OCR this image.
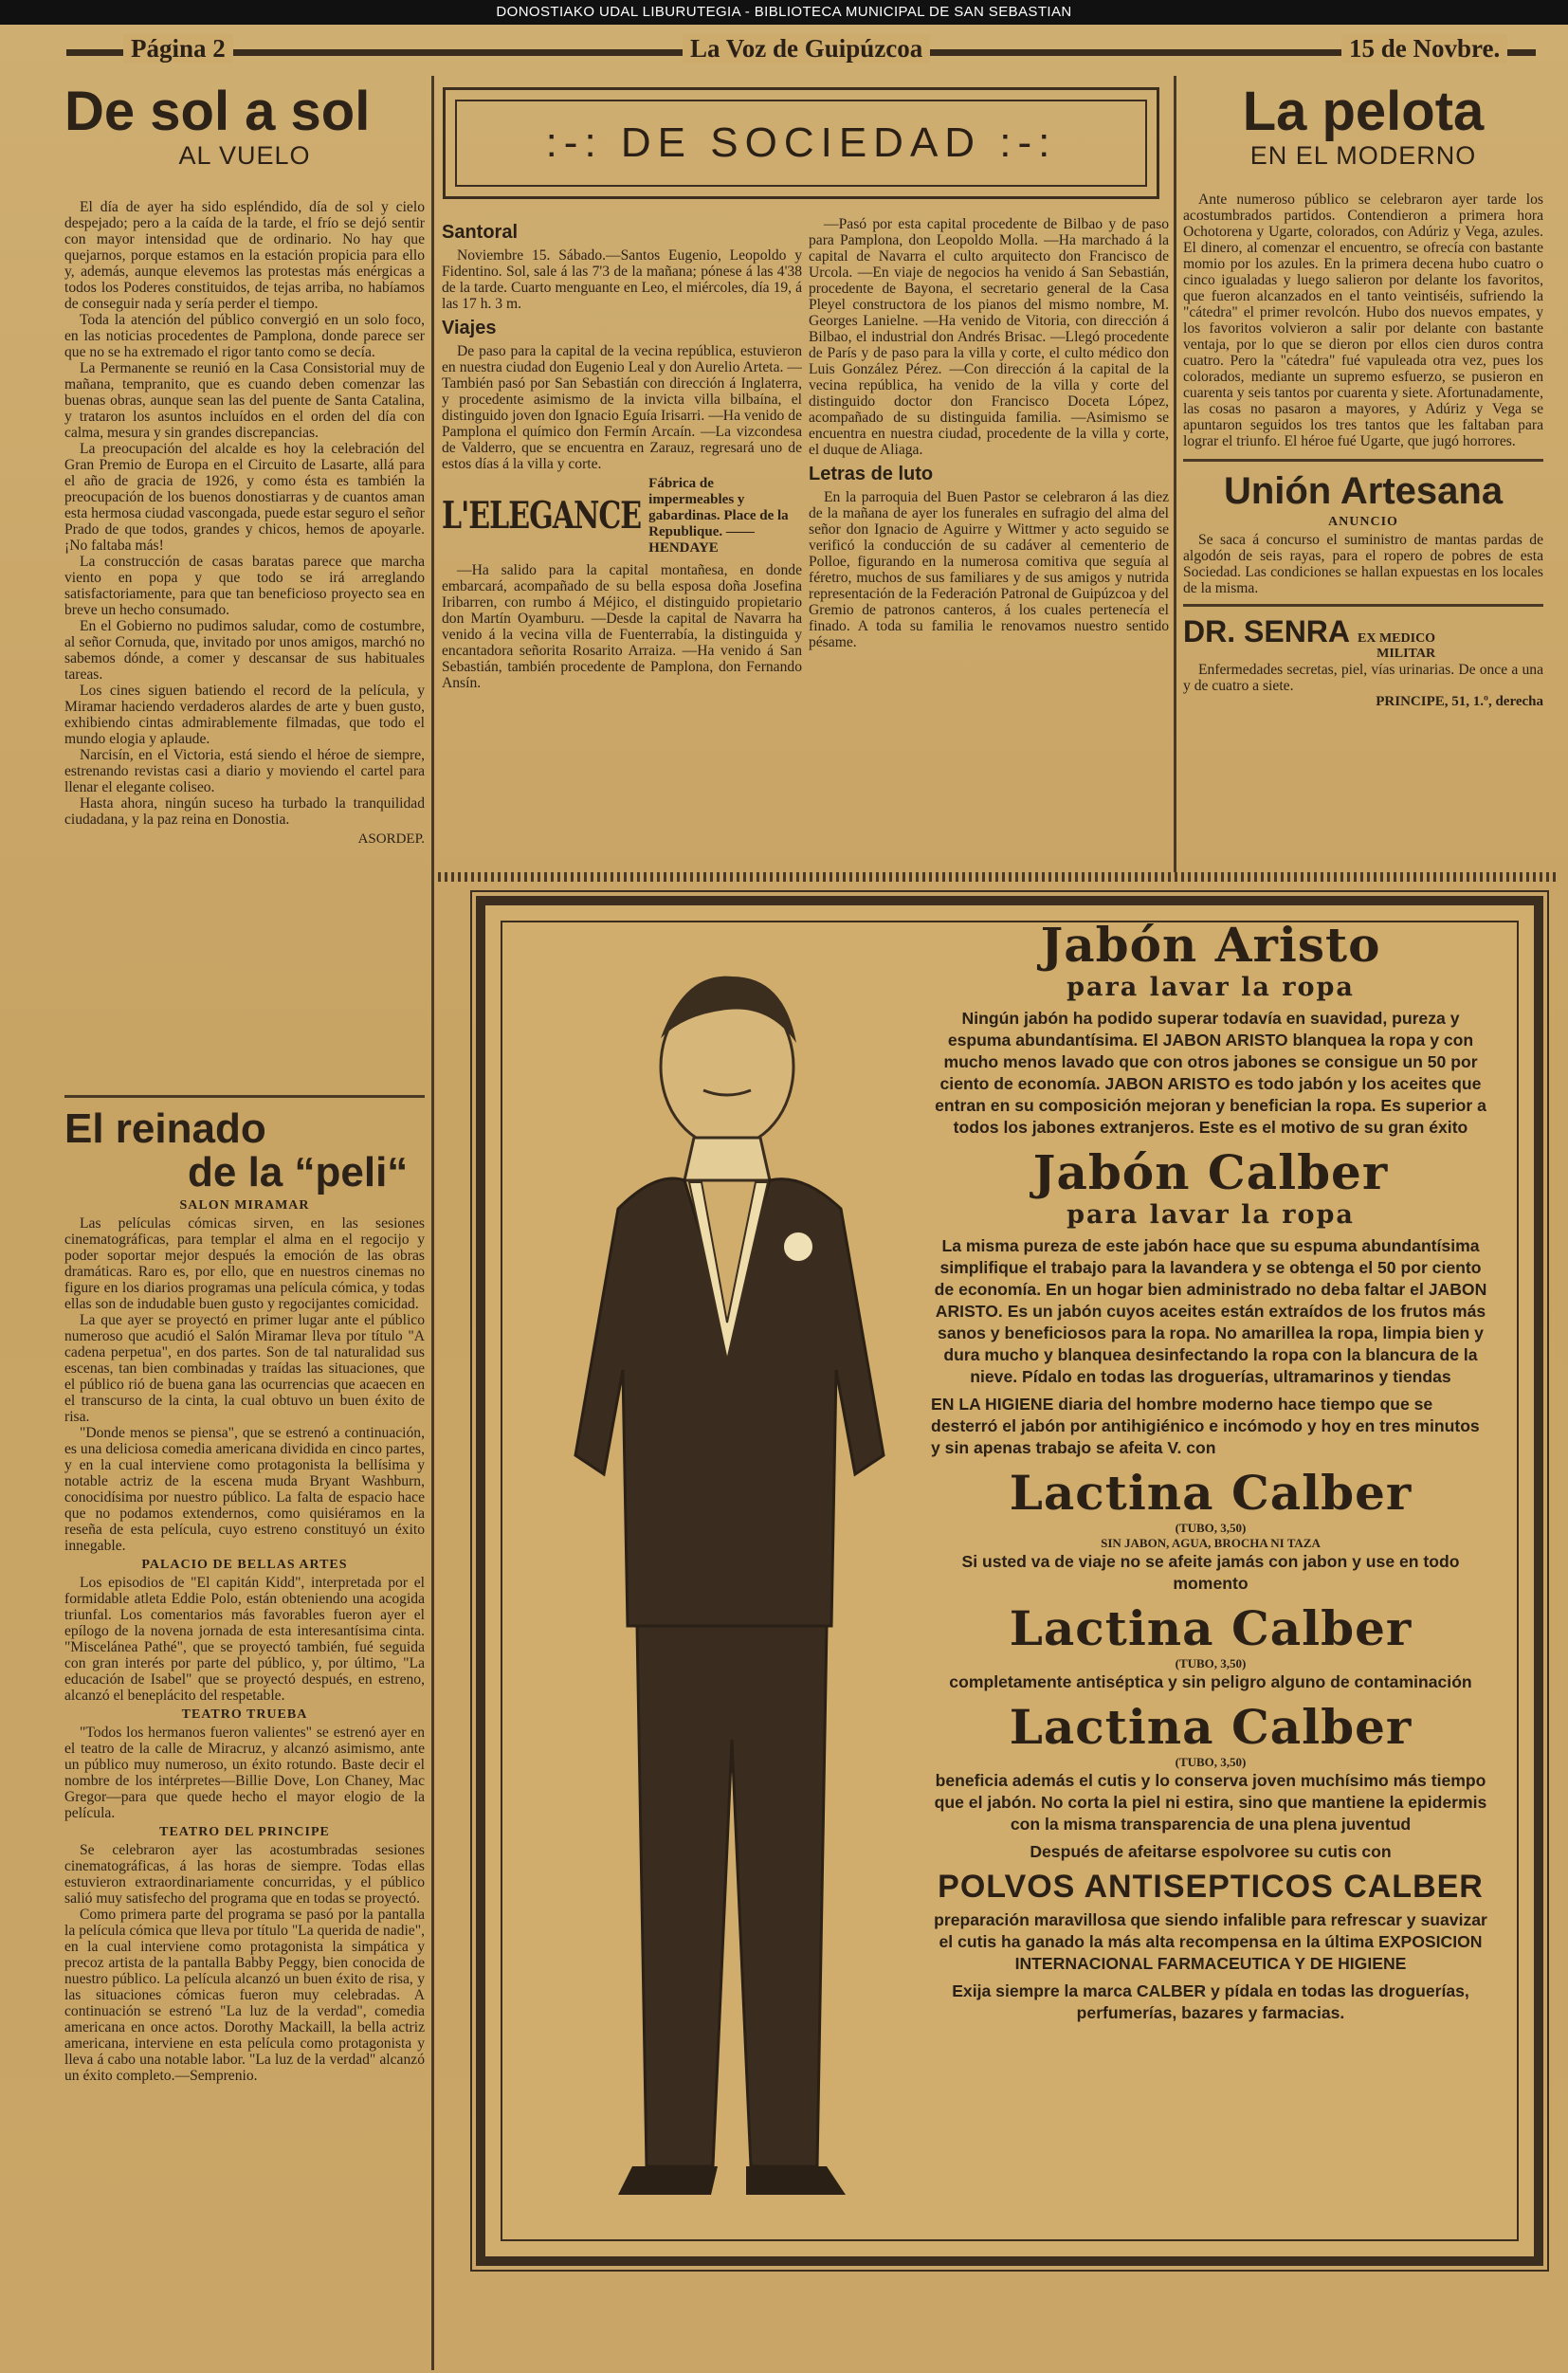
DONOSTIAKO UDAL LIBURUTEGIA - BIBLIOTECA MUNICIPAL DE SAN SEBASTIAN
Página 2	La Voz de Guipúzcoa	15 de Novbre.
De sol a sol

AL VUELO

El día de ayer ha sido espléndido, día de sol y cielo despejado; pero a la caída de la tarde, el frío se dejó sentir con mayor intensidad que de ordinario. No hay que quejarnos, porque estamos en la estación propicia para ello y, además, aunque elevemos las protestas más enérgicas a todos los Poderes constituidos, de tejas arriba, no habíamos de conseguir nada y sería perder el tiempo.

Toda la atención del público convergió en un solo foco, en las noticias procedentes de Pamplona, donde parece ser que no se ha extremado el rigor tanto como se decía.

La Permanente se reunió en la Casa Consistorial muy de mañana, tempranito, que es cuando deben comenzar las buenas obras, aunque sean las del puente de Santa Catalina, y trataron los asuntos incluídos en el orden del día con calma, mesura y sin grandes discrepancias.

La preocupación del alcalde es hoy la celebración del Gran Premio de Europa en el Circuito de Lasarte, allá para el año de gracia de 1926, y como ésta es también la preocupación de los buenos donostiarras y de cuantos aman esta hermosa ciudad vascongada, puede estar seguro el señor Prado de que todos, grandes y chicos, hemos de apoyarle. ¡No faltaba más!

La construcción de casas baratas parece que marcha viento en popa y que todo se irá arreglando satisfactoriamente, para que tan beneficioso proyecto sea en breve un hecho consumado.

En el Gobierno no pudimos saludar, como de costumbre, al señor Cornuda, que, invitado por unos amigos, marchó no sabemos dónde, a comer y descansar de sus habituales tareas.

Los cines siguen batiendo el record de la película, y Miramar haciendo verdaderos alardes de arte y buen gusto, exhibiendo cintas admirablemente filmadas, que todo el mundo elogia y aplaude.

Narcisín, en el Victoria, está siendo el héroe de siempre, estrenando revistas casi a diario y moviendo el cartel para llenar el elegante coliseo.

Hasta ahora, ningún suceso ha turbado la tranquilidad ciudadana, y la paz reina en Donostia.

ASORDEP.
El reinado
de la “peli“
SALON MIRAMAR

Las películas cómicas sirven, en las sesiones cinematográficas, para templar el alma en el regocijo y poder soportar mejor después la emoción de las obras dramáticas. Raro es, por ello, que en nuestros cinemas no figure en los diarios programas una película cómica, y todas ellas son de indudable buen gusto y regocijantes comicidad.

La que ayer se proyectó en primer lugar ante el público numeroso que acudió el Salón Miramar lleva por título "A cadena perpetua", en dos partes. Son de tal naturalidad sus escenas, tan bien combinadas y traídas las situaciones, que el público rió de buena gana las ocurrencias que acaecen en el transcurso de la cinta, la cual obtuvo un buen éxito de risa.

"Donde menos se piensa", que se estrenó a continuación, es una deliciosa comedia americana dividida en cinco partes, y en la cual interviene como protagonista la bellísima y notable actriz de la escena muda Bryant Washburn, conocidísima por nuestro público. La falta de espacio hace que no podamos extendernos, como quisiéramos en la reseña de esta película, cuyo estreno constituyó un éxito innegable.

PALACIO DE BELLAS ARTES

Los episodios de "El capitán Kidd", interpretada por el formidable atleta Eddie Polo, están obteniendo una acogida triunfal. Los comentarios más favorables fueron ayer el epílogo de la novena jornada de esta interesantísima cinta. "Miscelánea Pathé", que se proyectó también, fué seguida con gran interés por parte del público, y, por último, "La educación de Isabel" que se proyectó después, en estreno, alcanzó el beneplácito del respetable.

TEATRO TRUEBA

"Todos los hermanos fueron valientes" se estrenó ayer en el teatro de la calle de Miracruz, y alcanzó asimismo, ante un público muy numeroso, un éxito rotundo. Baste decir el nombre de los intérpretes—Billie Dove, Lon Chaney, Mac Gregor—para que quede hecho el mayor elogio de la película.

TEATRO DEL PRINCIPE

Se celebraron ayer las acostumbradas sesiones cinematográficas, á las horas de siempre. Todas ellas estuvieron extraordinariamente concurridas, y el público salió muy satisfecho del programa que en todas se proyectó.

Como primera parte del programa se pasó por la pantalla la película cómica que lleva por título "La querida de nadie", en la cual interviene como protagonista la simpática y precoz artista de la pantalla Babby Peggy, bien conocida de nuestro público. La película alcanzó un buen éxito de risa, y las situaciones cómicas fueron muy celebradas. A continuación se estrenó "La luz de la verdad", comedia americana en once actos. Dorothy Mackaill, la bella actriz americana, interviene en esta película como protagonista y lleva á cabo una notable labor. "La luz de la verdad" alcanzó un éxito completo.—Semprenio.

:-: DE SOCIEDAD :-:
Santoral

Noviembre 15. Sábado.—Santos Eugenio, Leopoldo y Fidentino. Sol, sale á las 7'3 de la mañana; pónese á las 4'38 de la tarde. Cuarto menguante en Leo, el miércoles, día 19, á las 17 h. 3 m.

Viajes

De paso para la capital de la vecina república, estuvieron en nuestra ciudad don Eugenio Leal y don Aurelio Arteta. —También pasó por San Sebastián con dirección á Inglaterra, y procedente asimismo de la invicta villa bilbaína, el distinguido joven don Ignacio Eguía Irisarri. —Ha venido de Pamplona el químico don Fermín Arcaín. —La vizcondesa de Valderro, que se encuentra en Zarauz, regresará uno de estos días á la villa y corte.

L'ELEGANCE
Fábrica de impermeables y gabardinas. Place de la Republique. —— HENDAYE

—Ha salido para la capital montañesa, en donde embarcará, acompañado de su bella esposa doña Josefina Iribarren, con rumbo á Méjico, el distinguido propietario don Martín Oyamburu. —Desde la capital de Navarra ha venido á la vecina villa de Fuenterrabía, la distinguida y encantadora señorita Rosarito Arraiza. —Ha venido á San Sebastián, también procedente de Pamplona, don Fernando Ansín.

—Pasó por esta capital procedente de Bilbao y de paso para Pamplona, don Leopoldo Molla. —Ha marchado á la capital de Navarra el culto arquitecto don Francisco de Urcola. —En viaje de negocios ha venido á San Sebastián, procedente de Bayona, el secretario general de la Casa Pleyel constructora de los pianos del mismo nombre, M. Georges Lanielne. —Ha venido de Vitoria, con dirección á Bilbao, el industrial don Andrés Brisac. —Llegó procedente de París y de paso para la villa y corte, el culto médico don Luis González Pérez. —Con dirección á la capital de la vecina república, ha venido de la villa y corte del distinguido doctor don Francisco Doceta López, acompañado de su distinguida familia. —Asimismo se encuentra en nuestra ciudad, procedente de la villa y corte, el duque de Aliaga.

Letras de luto

En la parroquia del Buen Pastor se celebraron á las diez de la mañana de ayer los funerales en sufragio del alma del señor don Ignacio de Aguirre y Wittmer y acto seguido se verificó la conducción de su cadáver al cementerio de Polloe, figurando en la numerosa comitiva que seguía al féretro, muchos de sus familiares y de sus amigos y nutrida representación de la Federación Patronal de Guipúzcoa y del Gremio de patronos canteros, á los cuales pertenecía el finado. A toda su familia le renovamos nuestro sentido pésame.

La pelota

EN EL MODERNO

Ante numeroso público se celebraron ayer tarde los acostumbrados partidos. Contendieron a primera hora Ochotorena y Ugarte, colorados, con Adúriz y Vega, azules. El dinero, al comenzar el encuentro, se ofrecía con bastante momio por los azules. En la primera decena hubo cuatro o cinco igualadas y luego salieron por delante los favoritos, que fueron alcanzados en el tanto veintiséis, sufriendo la "cátedra" el primer revolcón. Hubo dos nuevos empates, y los favoritos volvieron a salir por delante con bastante ventaja, por lo que se dieron por ellos cien duros contra cuatro. Pero la "cátedra" fué vapuleada otra vez, pues los colorados, mediante un supremo esfuerzo, se pusieron en cuarenta y seis tantos por cuarenta y siete. Afortunadamente, las cosas no pasaron a mayores, y Adúriz y Vega se apuntaron seguidos los tres tantos que les faltaban para lograr el triunfo. El héroe fué Ugarte, que jugó horrores.

Unión Artesana
ANUNCIO

Se saca á concurso el suministro de mantas pardas de algodón de seis rayas, para el ropero de pobres de esta Sociedad. Las condiciones se hallan expuestas en los locales de la misma.

DR. SENRA EX MEDICO
MILITAR

Enfermedades secretas, piel, vías urinarias. De once a una y de cuatro a siete.

PRINCIPE, 51, 1.º, derecha
Jabón Aristo
para lavar la ropa

Ningún jabón ha podido superar todavía en suavidad, pureza y espuma abundantísima. El JABON ARISTO blanquea la ropa y con mucho menos lavado que con otros jabones se consigue un 50 por ciento de economía. JABON ARISTO es todo jabón y los aceites que entran en su composición mejoran y benefician la ropa. Es superior a todos los jabones extranjeros. Este es el motivo de su gran éxito

Jabón Calber
para lavar la ropa

La misma pureza de este jabón hace que su espuma abundantísima simplifique el trabajo para la lavandera y se obtenga el 50 por ciento de economía. En un hogar bien administrado no deba faltar el JABON ARISTO. Es un jabón cuyos aceites están extraídos de los frutos más sanos y beneficiosos para la ropa. No amarillea la ropa, limpia bien y dura mucho y blanquea desinfectando la ropa con la blancura de la nieve. Pídalo en todas las droguerías, ultramarinos y tiendas

EN LA HIGIENE diaria del hombre moderno hace tiempo que se desterró el jabón por antihigiénico e incómodo y hoy en tres minutos y sin apenas trabajo se afeita V. con

Lactina Calber

(TUBO, 3,50)

SIN JABON, AGUA, BROCHA NI TAZA

Si usted va de viaje no se afeite jamás con jabon y use en todo momento

Lactina Calber

(TUBO, 3,50)

completamente antiséptica y sin peligro alguno de contaminación

Lactina Calber

(TUBO, 3,50)

beneficia además el cutis y lo conserva joven muchísimo más tiempo que el jabón. No corta la piel ni estira, sino que mantiene la epidermis con la misma transparencia de una plena juventud

Después de afeitarse espolvoree su cutis con

POLVOS ANTISEPTICOS CALBER

preparación maravillosa que siendo infalible para refrescar y suavizar el cutis ha ganado la más alta recompensa en la última EXPOSICION INTERNACIONAL FARMACEUTICA Y DE HIGIENE

Exija siempre la marca CALBER y pídala en todas las droguerías, perfumerías, bazares y farmacias.
